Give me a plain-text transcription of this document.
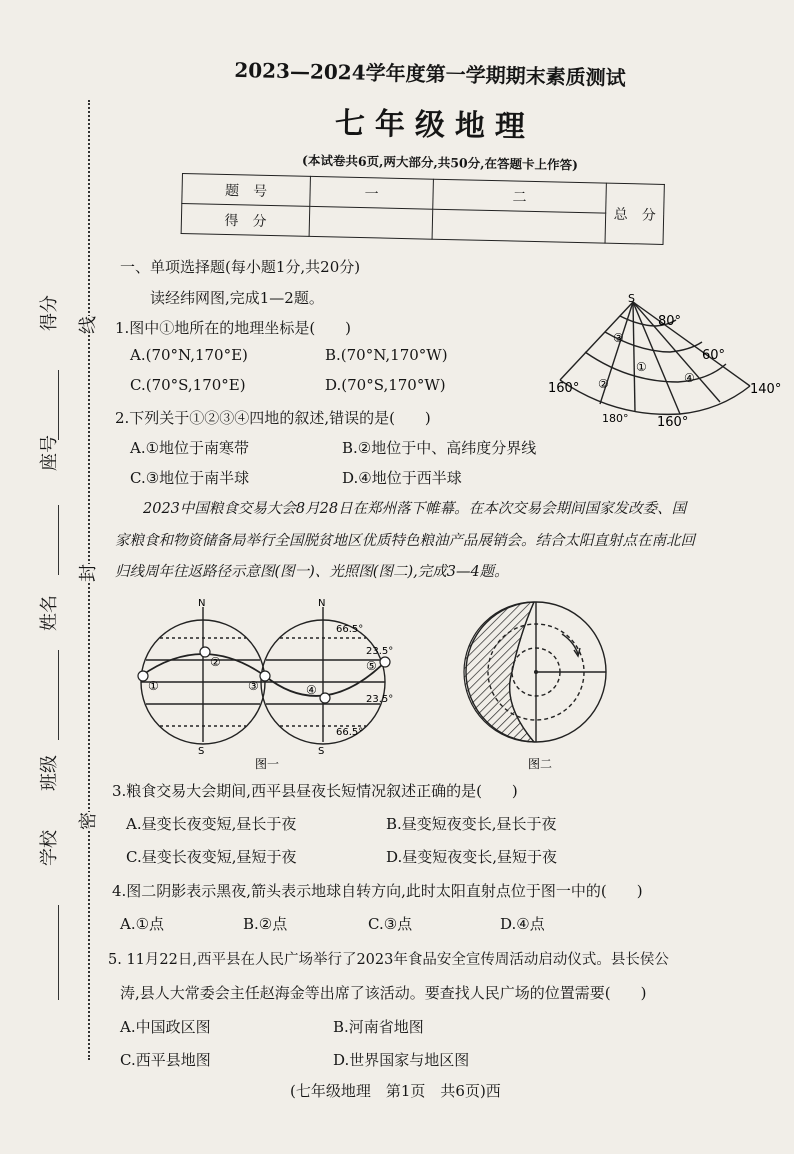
得分
座号
姓名
班级
学校
线
封
密
2023—2024学年度第一学期期末素质测试
七年级地理
(本试卷共6页,两大部分,共50分,在答题卡上作答)
题　号	一	二	总　分
得　分			
一、单项选择题(每小题1分,共20分)
读经纬网图,完成1—2题。
1.图中①地所在的地理坐标是(　　)
A.(70°N,170°E)	B.(70°N,170°W)
C.(70°S,170°E)	D.(70°S,170°W)
2.下列关于①②③④四地的叙述,错误的是(　　)
A.①地位于南寒带	B.②地位于中、高纬度分界线
C.③地位于南半球	D.④地位于西半球
S
80°
60°
160°
180° 160°
140°
③
①
②	④
2023中国粮食交易大会8月28日在郑州落下帷幕。在本次交易会期间国家发改委、国
家粮食和物资储备局举行全国脱贫地区优质特色粮油产品展销会。结合太阳直射点在南北回
归线周年往返路径示意图(图一)、光照图(图二),完成3—4题。
N
S
N
S
66.5°
23.5°
23.5°
66.5°
①
②
③	④
⑤
图一	图二
3.粮食交易大会期间,西平县昼夜长短情况叙述正确的是(　　)
A.昼变长夜变短,昼长于夜	B.昼变短夜变长,昼长于夜
C.昼变长夜变短,昼短于夜	D.昼变短夜变长,昼短于夜
4.图二阴影表示黑夜,箭头表示地球自转方向,此时太阳直射点位于图一中的(　　)
A.①点	B.②点	C.③点	D.④点
5. 11月22日,西平县在人民广场举行了2023年食品安全宣传周活动启动仪式。县长侯公
涛,县人大常委会主任赵海金等出席了该活动。要查找人民广场的位置需要(　　)
A.中国政区图	B.河南省地图
C.西平县地图	D.世界国家与地区图
(七年级地理　第1页　共6页)西
